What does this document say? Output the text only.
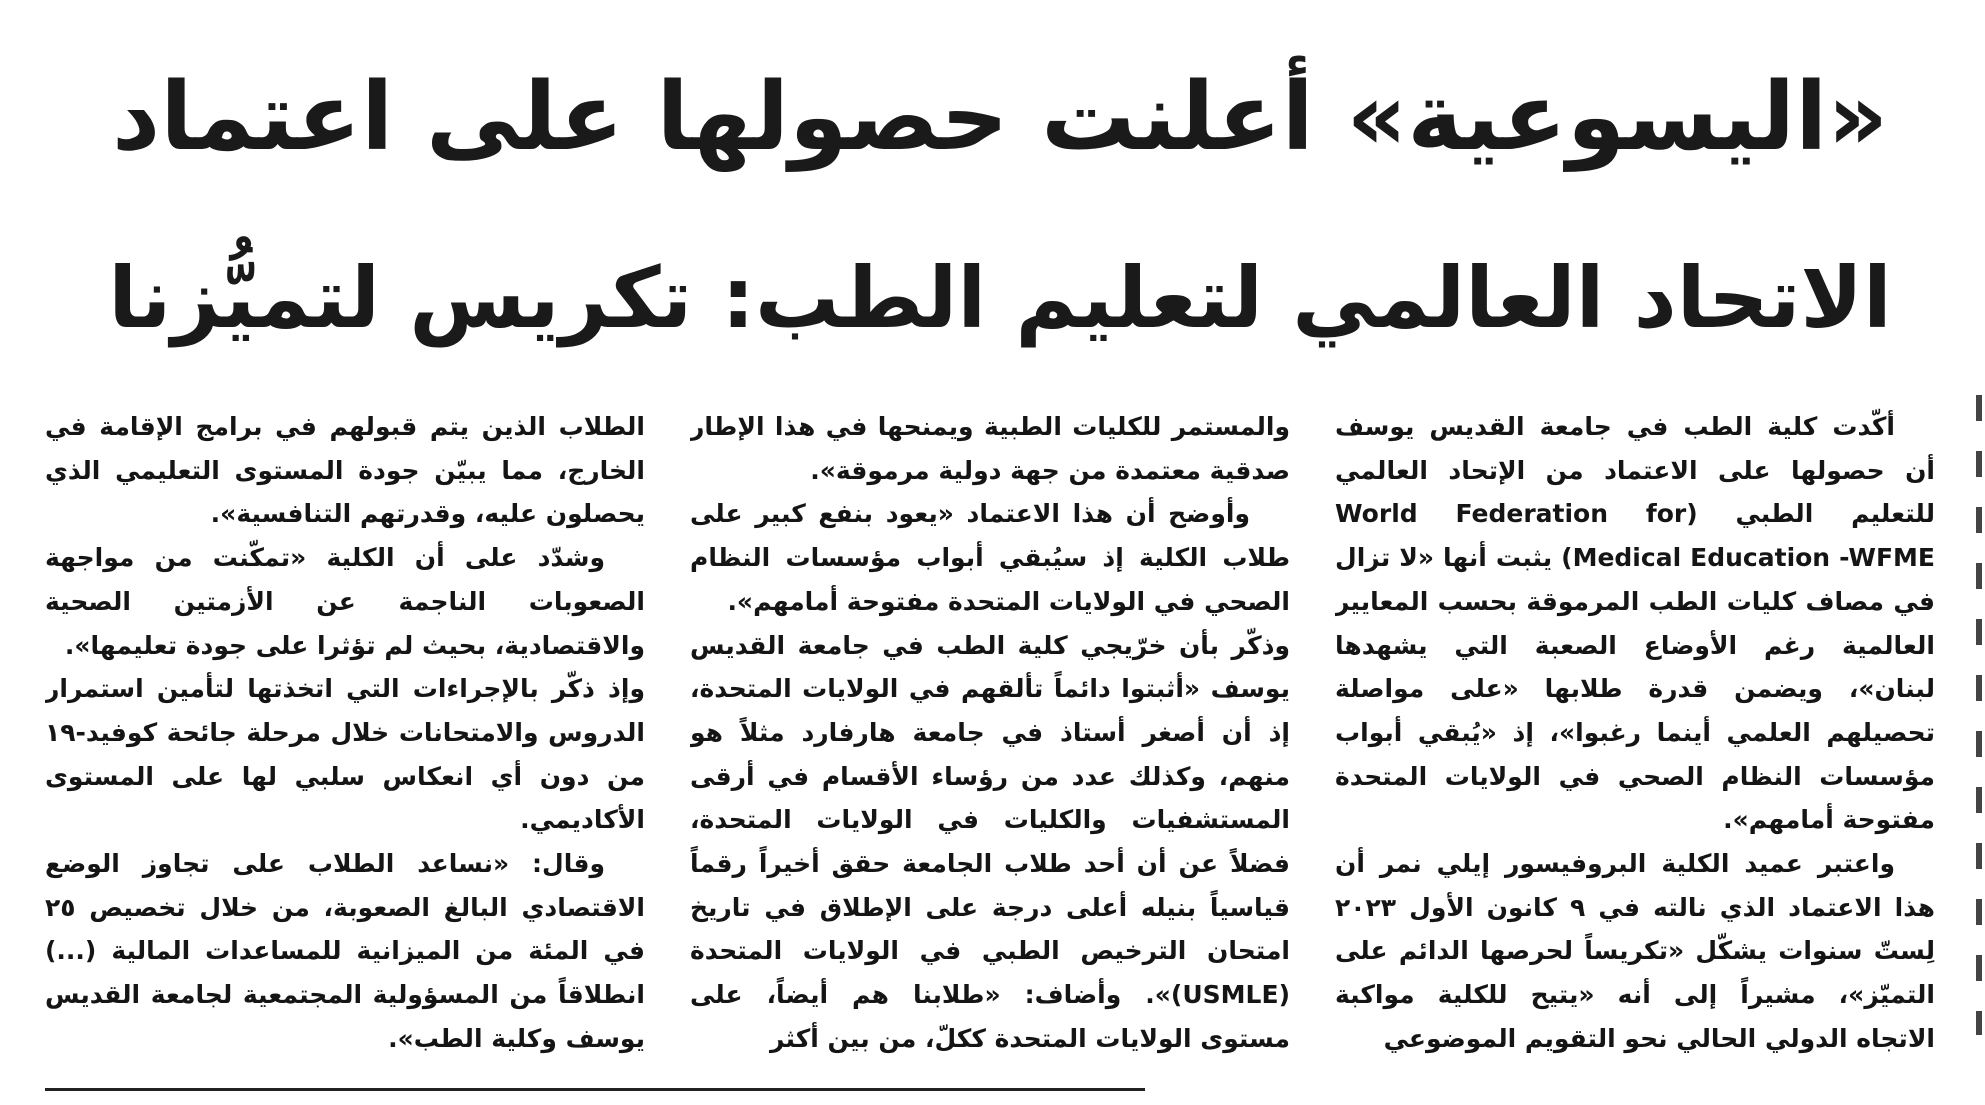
«اليسوعية» أعلنت حصولها على اعتماد
الاتحاد العالمي لتعليم الطب: تكريس لتميُّزنا

أكّدت كلية الطب في جامعة القديس يوسف أن حصولها على الاعتماد من الإتحاد العالمي للتعليم الطبي (World Federation for Medical Education -WFME) يثبت أنها «لا تزال في مصاف كليات الطب المرموقة بحسب المعايير العالمية رغم الأوضاع الصعبة التي يشهدها لبنان»، ويضمن قدرة طلابها «على مواصلة تحصيلهم العلمي أينما رغبوا»، إذ «يُبقي أبواب مؤسسات النظام الصحي في الولايات المتحدة مفتوحة أمامهم».

واعتبر عميد الكلية البروفيسور إيلي نمر أن هذا الاعتماد الذي نالته في ٩ كانون الأول ٢٠٢٣ لِستّ سنوات يشكّل «تكريساً لحرصها الدائم على التميّز»، مشيراً إلى أنه «يتيح للكلية مواكبة الاتجاه الدولي الحالي نحو التقويم الموضوعي

والمستمر للكليات الطبية ويمنحها في هذا الإطار صدقية معتمدة من جهة دولية مرموقة».

وأوضح أن هذا الاعتماد «يعود بنفع كبير على طلاب الكلية إذ سيُبقي أبواب مؤسسات النظام الصحي في الولايات المتحدة مفتوحة أمامهم».

وذكّر بأن خرّيجي كلية الطب في جامعة القديس يوسف «أثبتوا دائماً تألقهم في الولايات المتحدة، إذ أن أصغر أستاذ في جامعة هارفارد مثلاً هو منهم، وكذلك عدد من رؤساء الأقسام في أرقى المستشفيات والكليات في الولايات المتحدة، فضلاً عن أن أحد طلاب الجامعة حقق أخيراً رقماً قياسياً بنيله أعلى درجة على الإطلاق في تاريخ امتحان الترخيص الطبي في الولايات المتحدة (USMLE)». وأضاف: «طلابنا هم أيضاً، على مستوى الولايات المتحدة ككلّ، من بين أكثر

الطلاب الذين يتم قبولهم في برامج الإقامة في الخارج، مما يبيّن جودة المستوى التعليمي الذي يحصلون عليه، وقدرتهم التنافسية».

وشدّد على أن الكلية «تمكّنت من مواجهة الصعوبات الناجمة عن الأزمتين الصحية والاقتصادية، بحيث لم تؤثرا على جودة تعليمها».

وإذ ذكّر بالإجراءات التي اتخذتها لتأمين استمرار الدروس والامتحانات خلال مرحلة جائحة كوفيد-١٩ من دون أي انعكاس سلبي لها على المستوى الأكاديمي.

وقال: «نساعد الطلاب على تجاوز الوضع الاقتصادي البالغ الصعوبة، من خلال تخصيص ٢٥ في المئة من الميزانية للمساعدات المالية (...) انطلاقاً من المسؤولية المجتمعية لجامعة القديس يوسف وكلية الطب».
